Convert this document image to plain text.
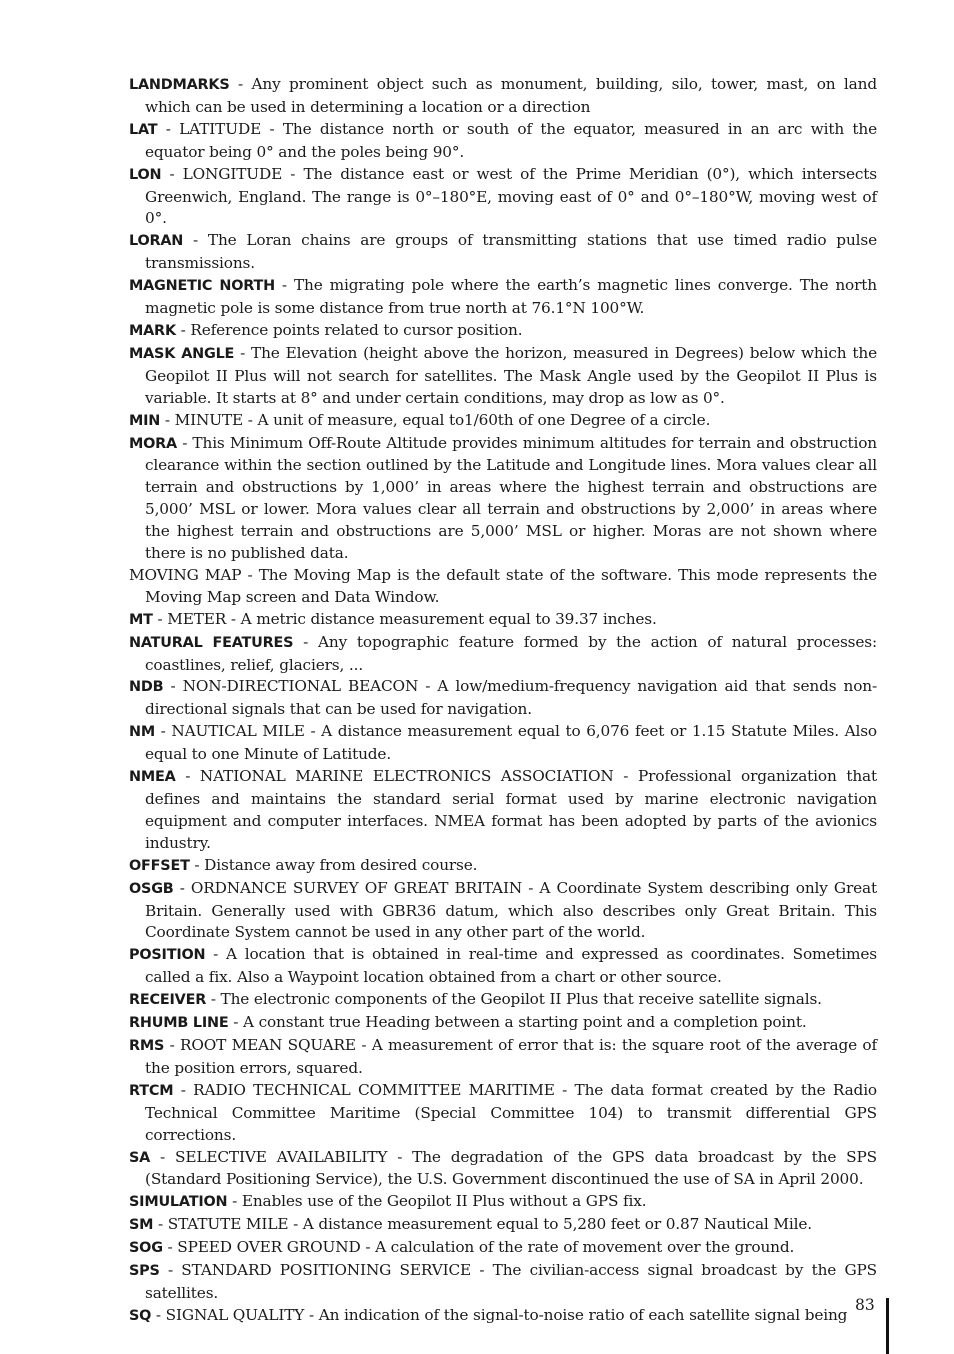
LANDMARKS - Any prominent object such as monument, building, silo, tower, mast, on land which can be used in determining a location or a direction

LAT - LATITUDE - The distance north or south of the equator, measured in an arc with the equator being 0° and the poles being 90°.

LON - LONGITUDE - The distance east or west of the Prime Meridian (0°), which intersects Greenwich, England. The range is 0°–180°E, moving east of 0° and 0°–180°W, moving west of 0°.

LORAN - The Loran chains are groups of transmitting stations that use timed radio pulse transmissions.

MAGNETIC NORTH - The migrating pole where the earth’s magnetic lines converge. The north magnetic pole is some distance from true north at 76.1°N 100°W.

MARK - Reference points related to cursor position.

MASK ANGLE - The Elevation (height above the horizon, measured in Degrees) below which the Geopilot II Plus will not search for satellites. The Mask Angle used by the Geopilot II Plus is variable. It starts at 8° and under certain conditions, may drop as low as 0°.

MIN - MINUTE - A unit of measure, equal to1/60th of one Degree of a circle.

MORA - This Minimum Off-Route Altitude provides minimum altitudes for terrain and obstruction clearance within the section outlined by the Latitude and Longitude lines. Mora values clear all terrain and obstructions by 1,000’ in areas where the highest terrain and obstructions are 5,000’ MSL or lower. Mora values clear all terrain and obstructions by 2,000’ in areas where the highest terrain and obstructions are 5,000’ MSL or higher. Moras are not shown where there is no published data.

MOVING MAP - The Moving Map is the default state of the software. This mode represents the Moving Map screen and Data Window.

MT - METER - A metric distance measurement equal to 39.37 inches.

NATURAL FEATURES - Any topographic feature formed by the action of natural processes: coastlines, relief, glaciers, ...

NDB - NON-DIRECTIONAL BEACON - A low/medium-frequency navigation aid that sends non-directional signals that can be used for navigation.

NM - NAUTICAL MILE - A distance measurement equal to 6,076 feet or 1.15 Statute Miles. Also equal to one Minute of Latitude.

NMEA - NATIONAL MARINE ELECTRONICS ASSOCIATION - Professional organization that defines and maintains the standard serial format used by marine electronic navigation equipment and computer interfaces. NMEA format has been adopted by parts of the avionics industry.

OFFSET - Distance away from desired course.

OSGB - ORDNANCE SURVEY OF GREAT BRITAIN - A Coordinate System describing only Great Britain. Generally used with GBR36 datum, which also describes only Great Britain. This Coordinate System cannot be used in any other part of the world.

POSITION - A location that is obtained in real-time and expressed as coordinates. Sometimes called a fix. Also a Waypoint location obtained from a chart or other source.

RECEIVER - The electronic components of the Geopilot II Plus that receive satellite signals.

RHUMB LINE - A constant true Heading between a starting point and a completion point.

RMS - ROOT MEAN SQUARE - A measurement of error that is: the square root of the average of the position errors, squared.

RTCM - RADIO TECHNICAL COMMITTEE MARITIME - The data format created by the Radio Technical Committee Maritime (Special Committee 104) to transmit differential GPS corrections.

SA - SELECTIVE AVAILABILITY - The degradation of the GPS data broadcast by the SPS (Standard Positioning Service), the U.S. Government discontinued the use of SA in April 2000.

SIMULATION - Enables use of the Geopilot II Plus without a GPS fix.

SM - STATUTE MILE - A distance measurement equal to 5,280 feet or 0.87 Nautical Mile.

SOG - SPEED OVER GROUND - A calculation of the rate of movement over the ground.

SPS - STANDARD POSITIONING SERVICE - The civilian-access signal broadcast by the GPS satellites.

SQ - SIGNAL QUALITY - An indication of the signal-to-noise ratio of each satellite signal being

83
